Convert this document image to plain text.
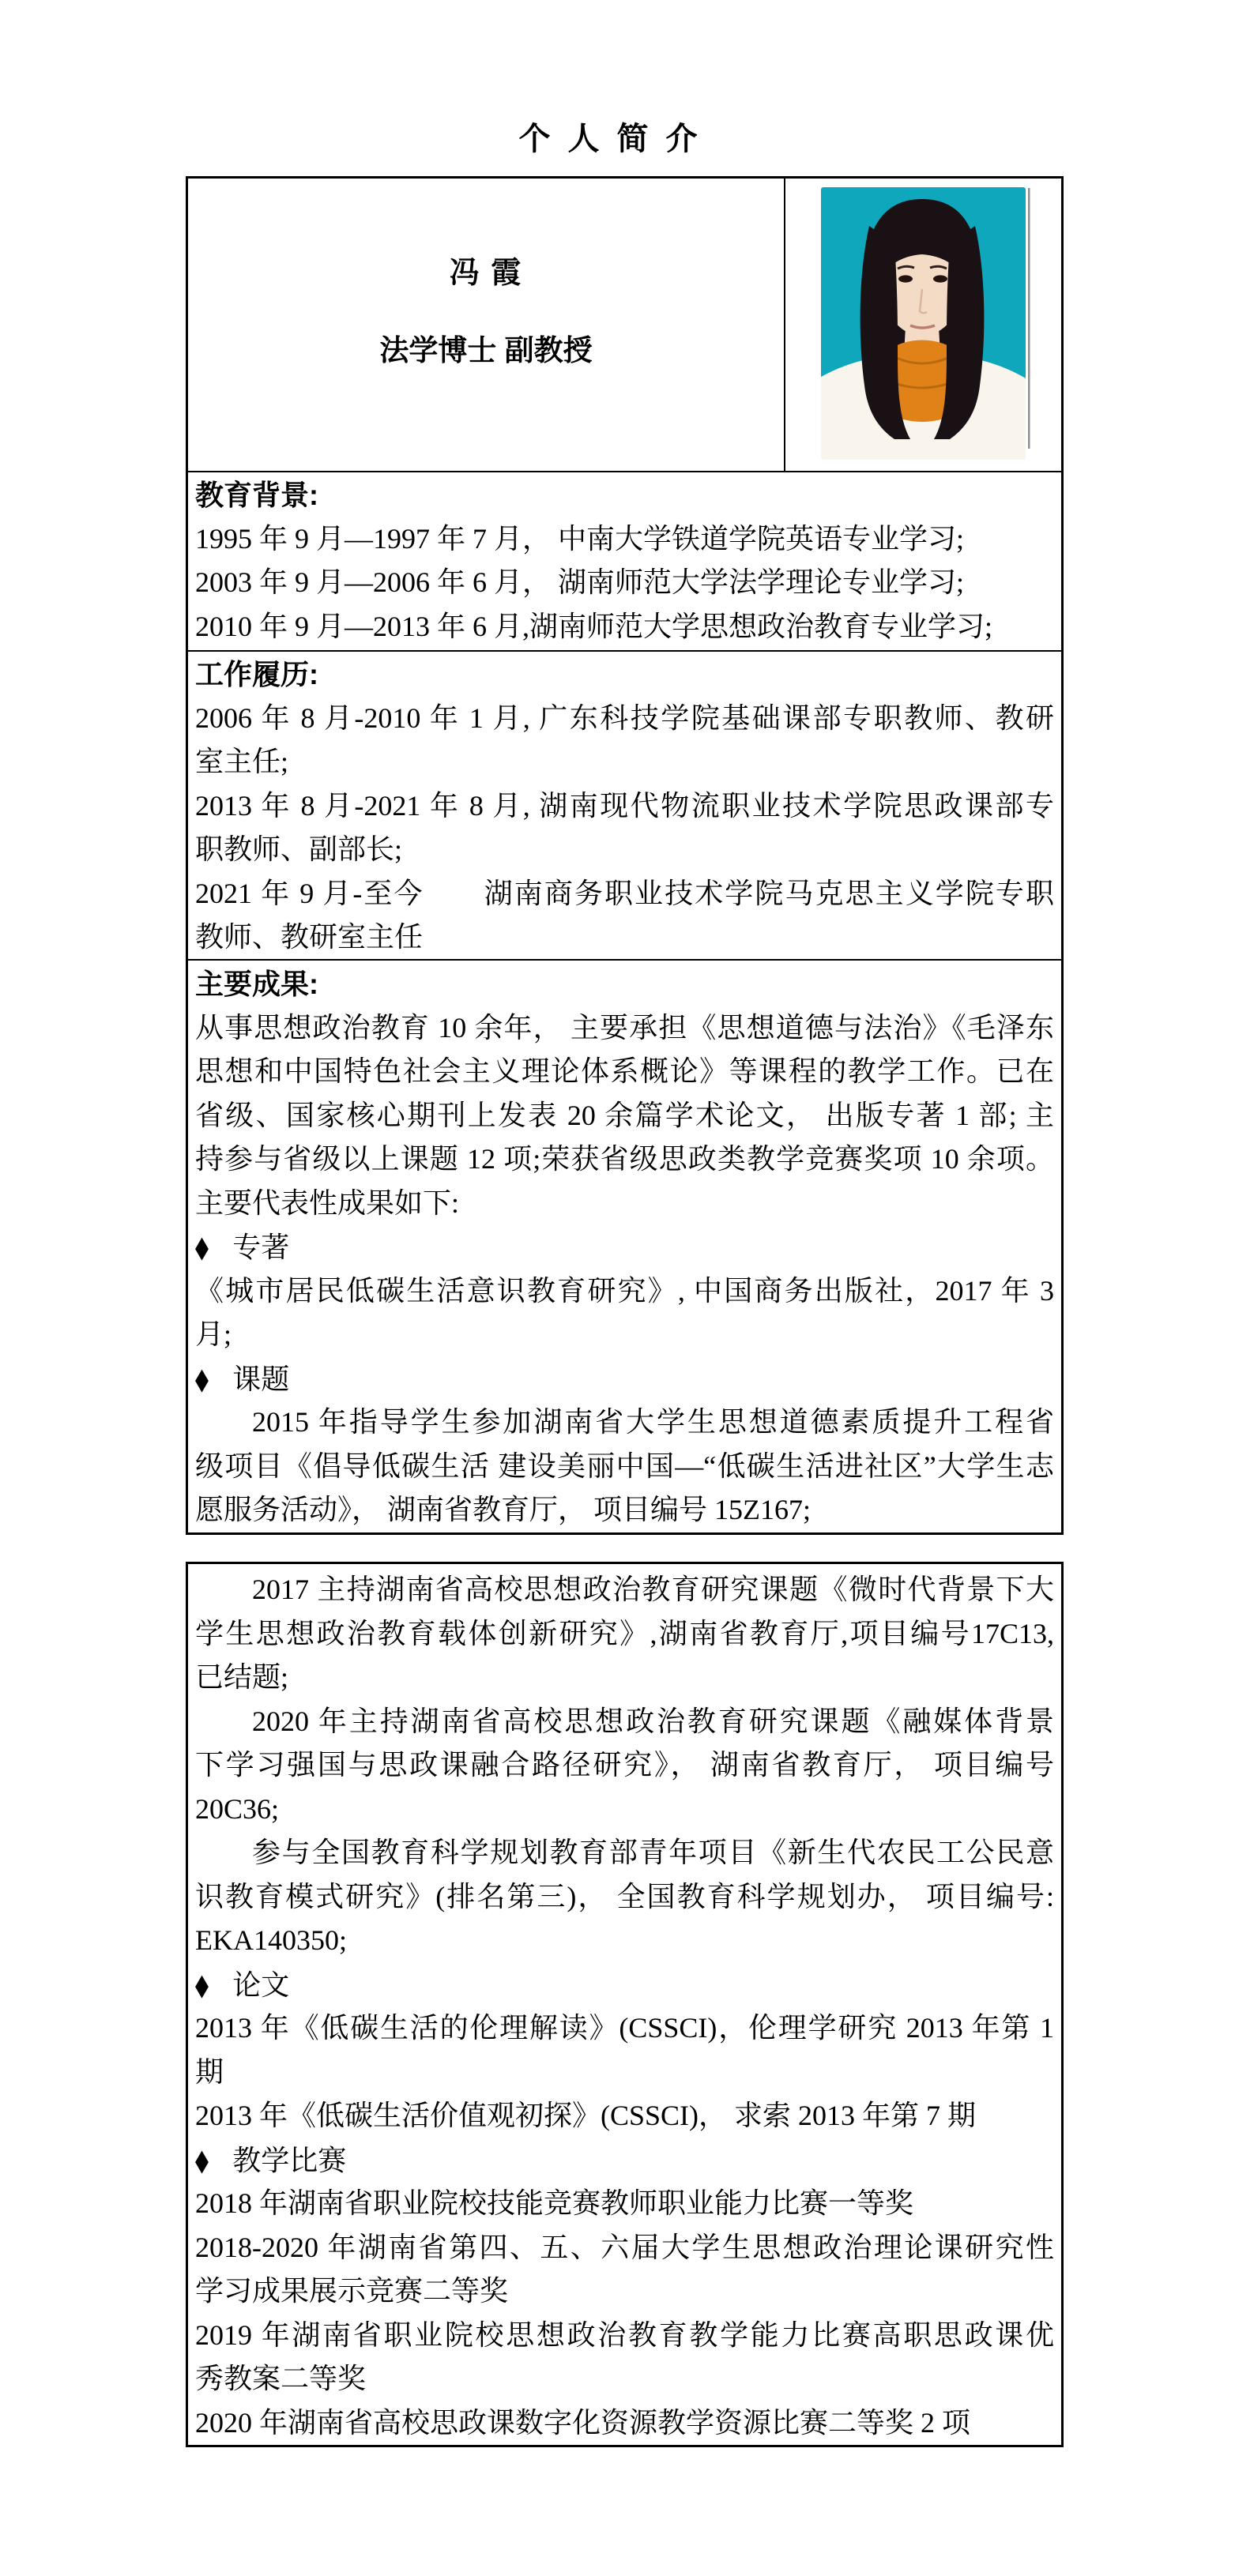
个 人 简 介
冯 霞
法学博士 副教授
教育背景:
1995 年 9 月—1997 年 7 月， 中南大学铁道学院英语专业学习;
2003 年 9 月—2006 年 6 月， 湖南师范大学法学理论专业学习;
2010 年 9 月—2013 年 6 月,湖南师范大学思想政治教育专业学习;
工作履历:
2006 年 8 月-2010 年 1 月, 广东科技学院基础课部专职教师、教研
室主任;
2013 年 8 月-2021 年 8 月, 湖南现代物流职业技术学院思政课部专
职教师、副部长;
2021 年 9 月-至今　　湖南商务职业技术学院马克思主义学院专职
教师、教研室主任
主要成果:
从事思想政治教育 10 余年， 主要承担《思想道德与法治》《毛泽东
思想和中国特色社会主义理论体系概论》等课程的教学工作。已在
省级、国家核心期刊上发表 20 余篇学术论文， 出版专著 1 部; 主
持参与省级以上课题 12 项;荣获省级思政类教学竞赛奖项 10 余项。
主要代表性成果如下:
◆ 专著
《城市居民低碳生活意识教育研究》, 中国商务出版社，2017 年 3
月;
◆ 课题
2015 年指导学生参加湖南省大学生思想道德素质提升工程省
级项目《倡导低碳生活 建设美丽中国—“低碳生活进社区”大学生志
愿服务活动》， 湖南省教育厅， 项目编号 15Z167;
2017 主持湖南省高校思想政治教育研究课题《微时代背景下大
学生思想政治教育载体创新研究》,湖南省教育厅,项目编号17C13,
已结题;
2020 年主持湖南省高校思想政治教育研究课题《融媒体背景
下学习强国与思政课融合路径研究》， 湖南省教育厅， 项目编号
20C36;
参与全国教育科学规划教育部青年项目《新生代农民工公民意
识教育模式研究》(排名第三)， 全国教育科学规划办， 项目编号:
EKA140350;
◆ 论文
2013 年《低碳生活的伦理解读》(CSSCI)，伦理学研究 2013 年第 1
期
2013 年《低碳生活价值观初探》(CSSCI)， 求索 2013 年第 7 期
◆ 教学比赛
2018 年湖南省职业院校技能竞赛教师职业能力比赛一等奖
2018-2020 年湖南省第四、五、六届大学生思想政治理论课研究性
学习成果展示竞赛二等奖
2019 年湖南省职业院校思想政治教育教学能力比赛高职思政课优
秀教案二等奖
2020 年湖南省高校思政课数字化资源教学资源比赛二等奖 2 项
